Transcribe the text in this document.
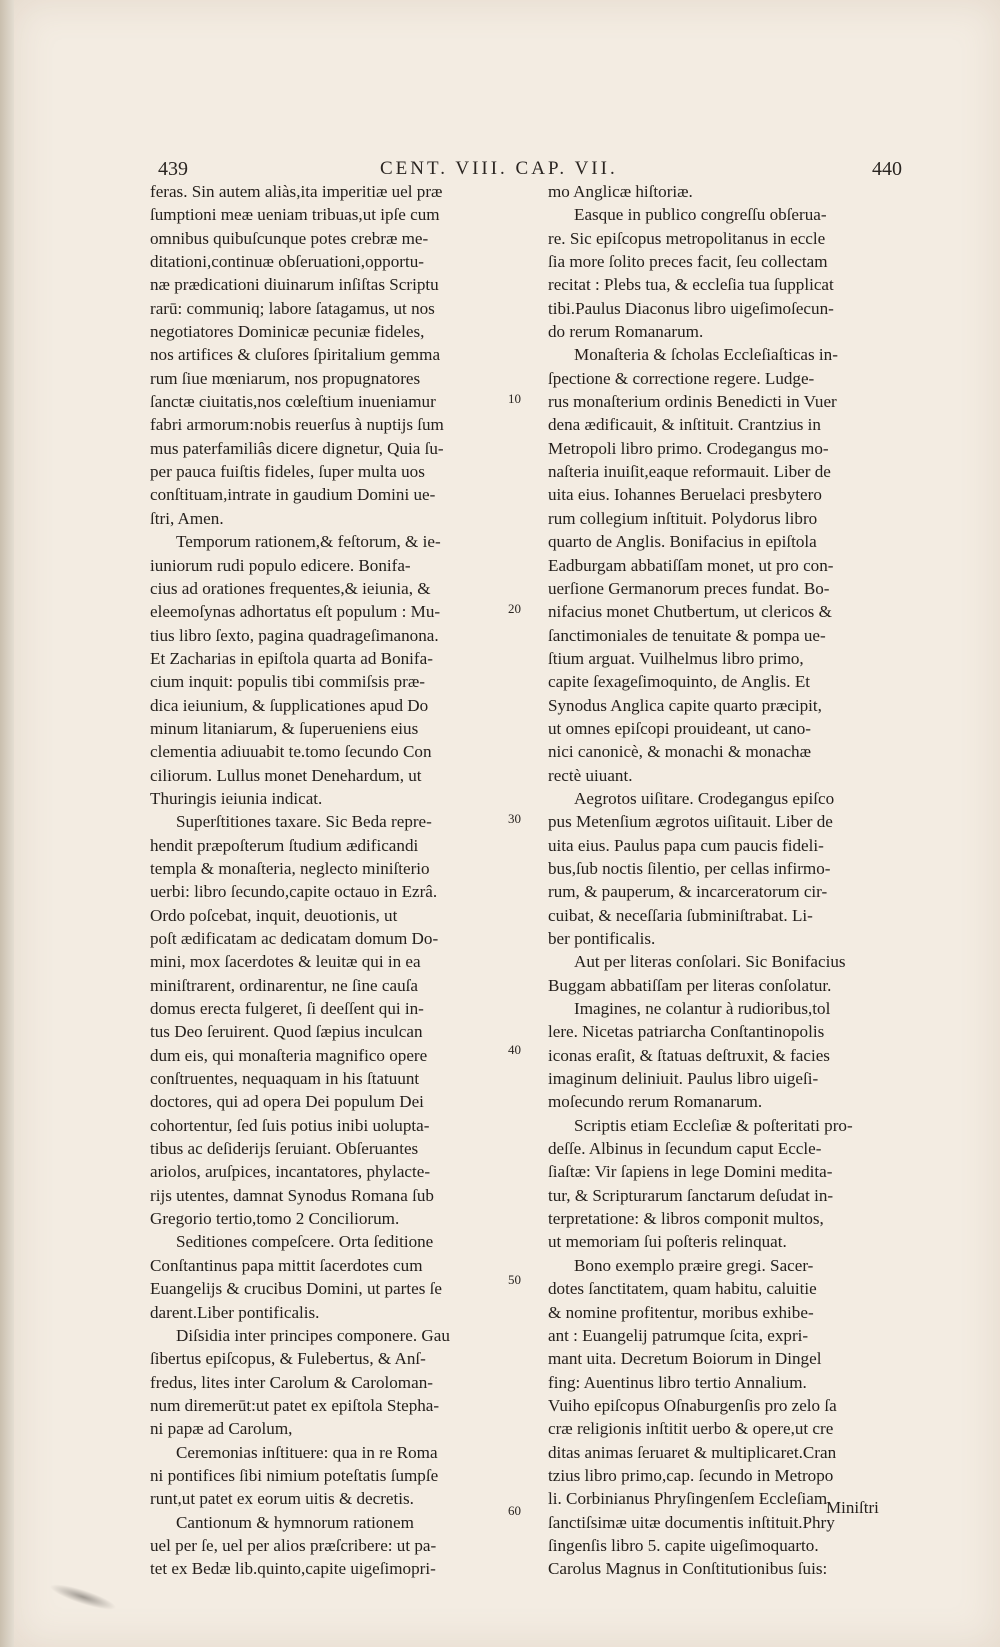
439	CENT. VIII. CAP. VII.	440
feras. Sin autem aliàs,ita imperitiæ uel præ
ſumptioni meæ ueniam tribuas,ut ipſe cum
omnibus quibuſcunque potes crebræ me-
ditationi,continuæ obſeruationi,opportu-
næ prædicationi diuinarum inſiſtas Scriptu
rarū: communiq; labore ſatagamus, ut nos
negotiatores Dominicæ pecuniæ fideles,
nos artifices & cluſores ſpiritalium gemma
rum ſiue mœniarum, nos propugnatores
ſanctæ ciuitatis,nos cœleſtium inueniamur
fabri armorum:nobis reuerſus à nuptijs ſum
mus paterfamiliâs dicere dignetur, Quia ſu-
per pauca fuiſtis fideles, ſuper multa uos
conſtituam,intrate in gaudium Domini ue-
ſtri, Amen.
Temporum rationem,& feſtorum, & ie-
iuniorum rudi populo edicere. Bonifa-
cius ad orationes frequentes,& ieiunia, &
eleemoſynas adhortatus eſt populum : Mu-
tius libro ſexto, pagina quadrageſimanona.
Et Zacharias in epiſtola quarta ad Bonifa-
cium inquit: populis tibi commiſsis præ-
dica ieiunium, & ſupplicationes apud Do
minum litaniarum, & ſuperueniens eius
clementia adiuuabit te.tomo ſecundo Con
ciliorum. Lullus monet Denehardum, ut
Thuringis ieiunia indicat.
Superſtitiones taxare. Sic Beda repre-
hendit præpoſterum ſtudium ædificandi
templa & monaſteria, neglecto miniſterio
uerbi: libro ſecundo,capite octauo in Ezrâ.
Ordo poſcebat, inquit, deuotionis, ut
poſt ædificatam ac dedicatam domum Do-
mini, mox ſacerdotes & leuitæ qui in ea
miniſtrarent, ordinarentur, ne ſine cauſa
domus erecta fulgeret, ſi deeſſent qui in-
tus Deo ſeruirent. Quod ſæpius inculcan
dum eis, qui monaſteria magnifico opere
conſtruentes, nequaquam in his ſtatuunt
doctores, qui ad opera Dei populum Dei
cohortentur, ſed ſuis potius inibi uolupta-
tibus ac deſiderijs ſeruiant. Obſeruantes
ariolos, aruſpices, incantatores, phylacte-
rijs utentes, damnat Synodus Romana ſub
Gregorio tertio,tomo 2 Conciliorum.
Seditiones compeſcere. Orta ſeditione
Conſtantinus papa mittit ſacerdotes cum
Euangelijs & crucibus Domini, ut partes ſe
darent.Liber pontificalis.
Diſsidia inter principes componere. Gau
ſibertus epiſcopus, & Fulebertus, & Anſ-
fredus, lites inter Carolum & Caroloman-
num diremerūt:ut patet ex epiſtola Stepha-
ni papæ ad Carolum,
Ceremonias inſtituere: qua in re Roma
ni pontifices ſibi nimium poteſtatis ſumpſe
runt,ut patet ex eorum uitis & decretis.
Cantionum & hymnorum rationem
uel per ſe, uel per alios præſcribere: ut pa-
tet ex Bedæ lib.quinto,capite uigeſimopri-
mo Anglicæ hiſtoriæ.
Easque in publico congreſſu obſerua-
re. Sic epiſcopus metropolitanus in eccle
ſia more ſolito preces facit, ſeu collectam
recitat : Plebs tua, & eccleſia tua ſupplicat
tibi.Paulus Diaconus libro uigeſimoſecun-
do rerum Romanarum.
Monaſteria & ſcholas Eccleſiaſticas in-
ſpectione & correctione regere. Ludge-
rus monaſterium ordinis Benedicti in Vuer
dena ædificauit, & inſtituit. Crantzius in
Metropoli libro primo. Crodegangus mo-
naſteria inuiſit,eaque reformauit. Liber de
uita eius. Iohannes Beruelaci presbytero
rum collegium inſtituit. Polydorus libro
quarto de Anglis. Bonifacius in epiſtola
Eadburgam abbatiſſam monet, ut pro con-
uerſione Germanorum preces fundat. Bo-
nifacius monet Chutbertum, ut clericos &
ſanctimoniales de tenuitate & pompa ue-
ſtium arguat. Vuilhelmus libro primo,
capite ſexageſimoquinto, de Anglis. Et
Synodus Anglica capite quarto præcipit,
ut omnes epiſcopi prouideant, ut cano-
nici canonicè, & monachi & monachæ
rectè uiuant.
Aegrotos uiſitare. Crodegangus epiſco
pus Metenſium ægrotos uiſitauit. Liber de
uita eius. Paulus papa cum paucis fideli-
bus,ſub noctis ſilentio, per cellas infirmo-
rum, & pauperum, & incarceratorum cir-
cuibat, & neceſſaria ſubminiſtrabat. Li-
ber pontificalis.
Aut per literas conſolari. Sic Bonifacius
Buggam abbatiſſam per literas conſolatur.
Imagines, ne colantur à rudioribus,tol
lere. Nicetas patriarcha Conſtantinopolis
iconas eraſit, & ſtatuas deſtruxit, & facies
imaginum deliniuit. Paulus libro uigeſi-
moſecundo rerum Romanarum.
Scriptis etiam Eccleſiæ & poſteritati pro-
deſſe. Albinus in ſecundum caput Eccle-
ſiaſtæ: Vir ſapiens in lege Domini medita-
tur, & Scripturarum ſanctarum deſudat in-
terpretatione: & libros componit multos,
ut memoriam ſui poſteris relinquat.
Bono exemplo præire gregi. Sacer-
dotes ſanctitatem, quam habitu, caluitie
& nomine profitentur, moribus exhibe-
ant : Euangelij patrumque ſcita, expri-
mant uita. Decretum Boiorum in Dingel
fing: Auentinus libro tertio Annalium.
Vuiho epiſcopus Oſnaburgenſis pro zelo ſa
cræ religionis inſtitit uerbo & opere,ut cre
ditas animas ſeruaret & multiplicaret.Cran
tzius libro primo,cap. ſecundo in Metropo
li. Corbinianus Phryſingenſem Eccleſiam
ſanctiſsimæ uitæ documentis inſtituit.Phry
ſingenſis libro 5. capite uigeſimoquarto.
Carolus Magnus in Conſtitutionibus ſuis:
10
20
30
40
50
60	Miniſtri
